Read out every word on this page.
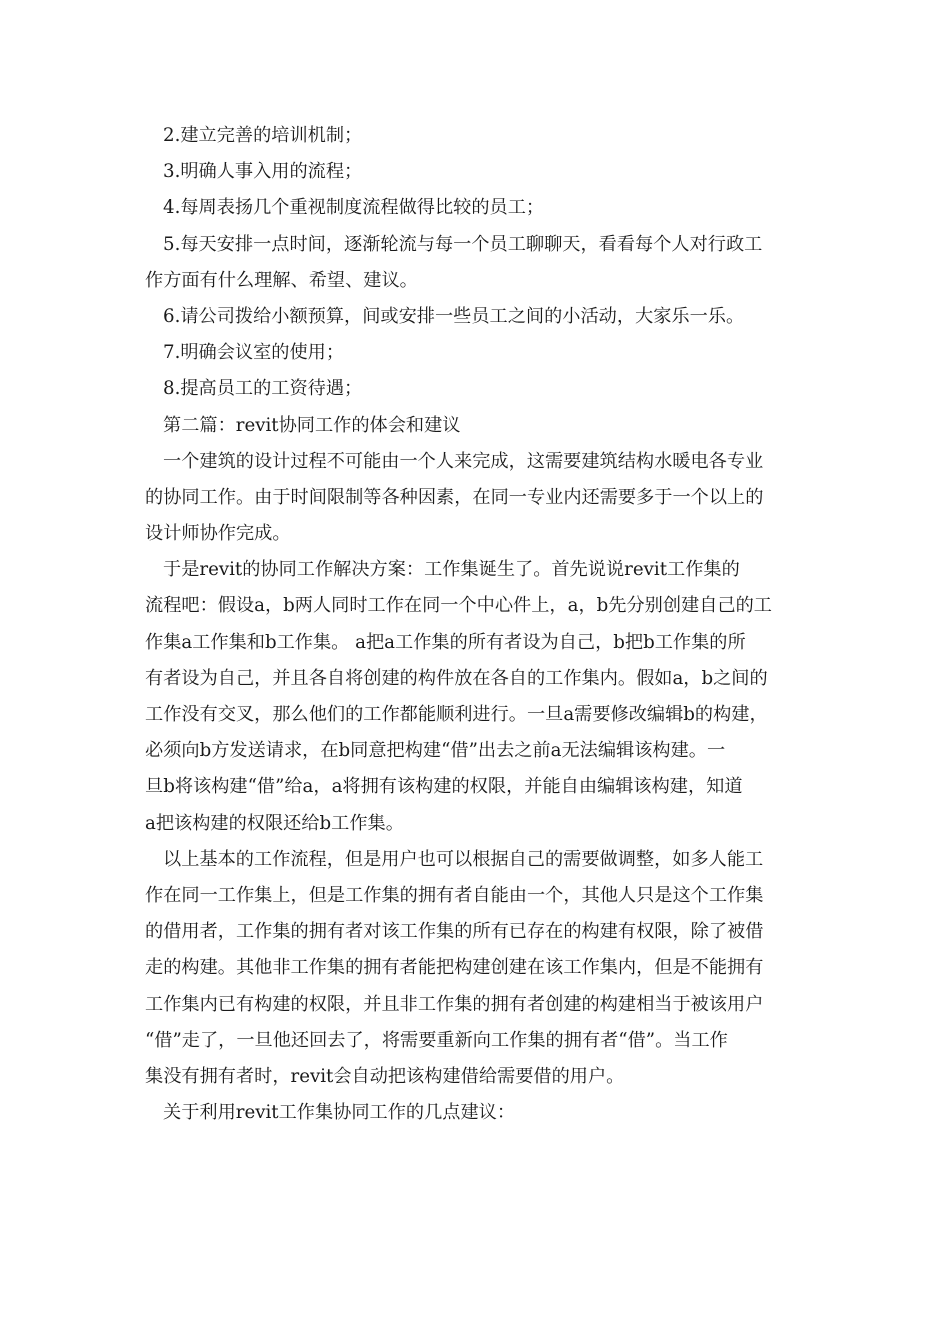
2.建立完善的培训机制；
3.明确人事入用的流程；
4.每周表扬几个重视制度流程做得比较的员工；
5.每天安排一点时间，逐渐轮流与每一个员工聊聊天，看看每个人对行政工
作方面有什么理解、希望、建议。
6.请公司拨给小额预算，间或安排一些员工之间的小活动，大家乐一乐。
7.明确会议室的使用；
8.提高员工的工资待遇；
第二篇：revit协同工作的体会和建议
一个建筑的设计过程不可能由一个人来完成，这需要建筑结构水暖电各专业
的协同工作。由于时间限制等各种因素，在同一专业内还需要多于一个以上的
设计师协作完成。
于是revit的协同工作解决方案：工作集诞生了。首先说说revit工作集的
流程吧：假设a，b两人同时工作在同一个中心件上，a，b先分别创建自己的工
作集a工作集和b工作集。 a把a工作集的所有者设为自己，b把b工作集的所
有者设为自己，并且各自将创建的构件放在各自的工作集内。假如a，b之间的
工作没有交叉，那么他们的工作都能顺利进行。一旦a需要修改编辑b的构建，
必须向b方发送请求，在b同意把构建“借”出去之前a无法编辑该构建。一
旦b将该构建“借”给a，a将拥有该构建的权限，并能自由编辑该构建，知道
a把该构建的权限还给b工作集。
以上基本的工作流程，但是用户也可以根据自己的需要做调整，如多人能工
作在同一工作集上，但是工作集的拥有者自能由一个，其他人只是这个工作集
的借用者，工作集的拥有者对该工作集的所有已存在的构建有权限，除了被借
走的构建。其他非工作集的拥有者能把构建创建在该工作集内，但是不能拥有
工作集内已有构建的权限，并且非工作集的拥有者创建的构建相当于被该用户
“借”走了，一旦他还回去了，将需要重新向工作集的拥有者“借”。当工作
集没有拥有者时，revit会自动把该构建借给需要借的用户。
关于利用revit工作集协同工作的几点建议：
